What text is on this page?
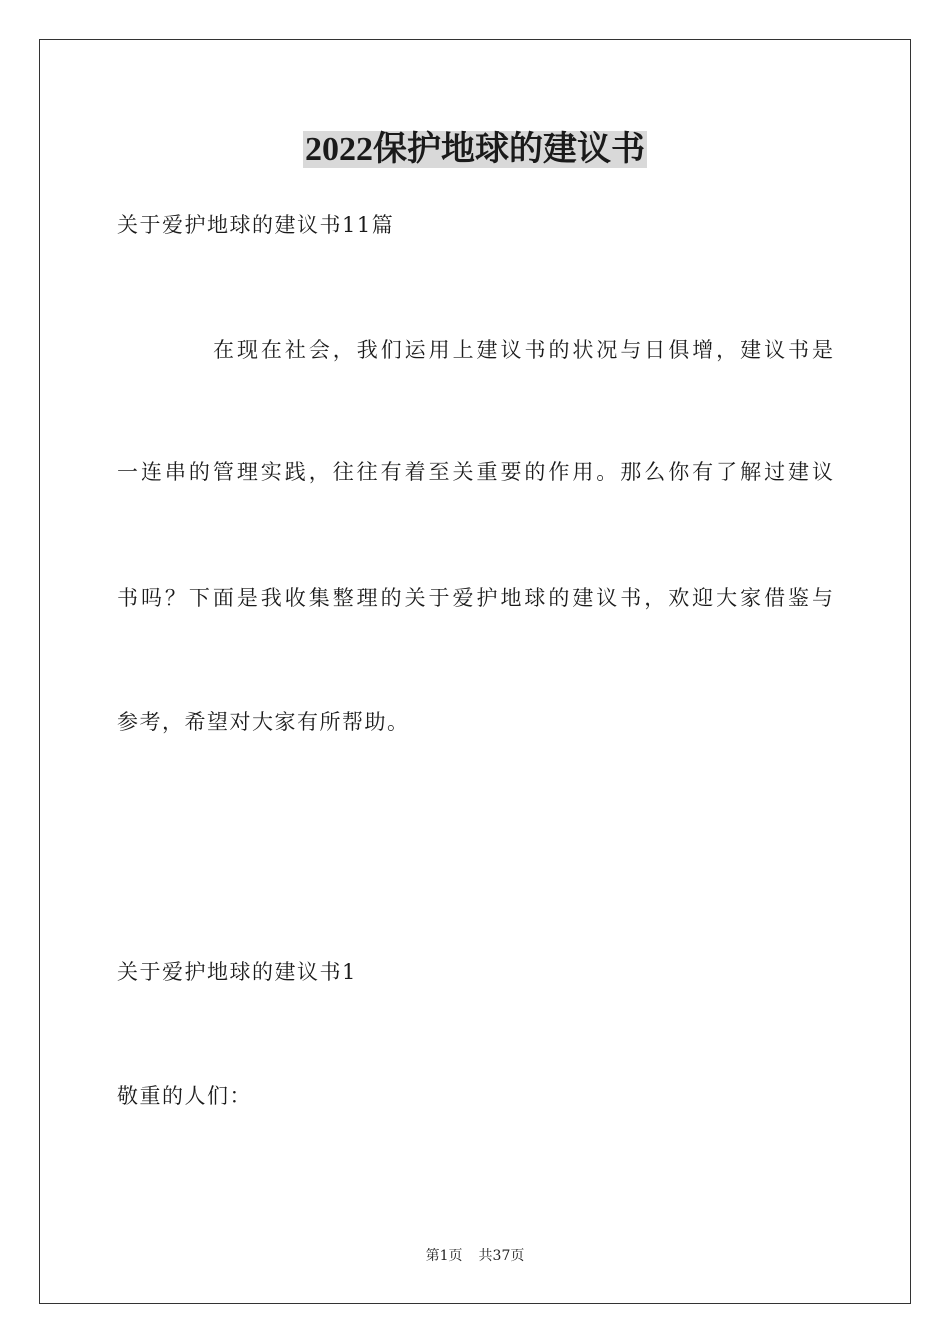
2022保护地球的建议书

关于爱护地球的建议书11篇

在现在社会，我们运用上建议书的状况与日俱增，建议书是

一连串的管理实践，往往有着至关重要的作用。那么你有了解过建议

书吗？下面是我收集整理的关于爱护地球的建议书，欢迎大家借鉴与

参考，希望对大家有所帮助。

关于爱护地球的建议书1

敬重的人们：

第1页 共37页
